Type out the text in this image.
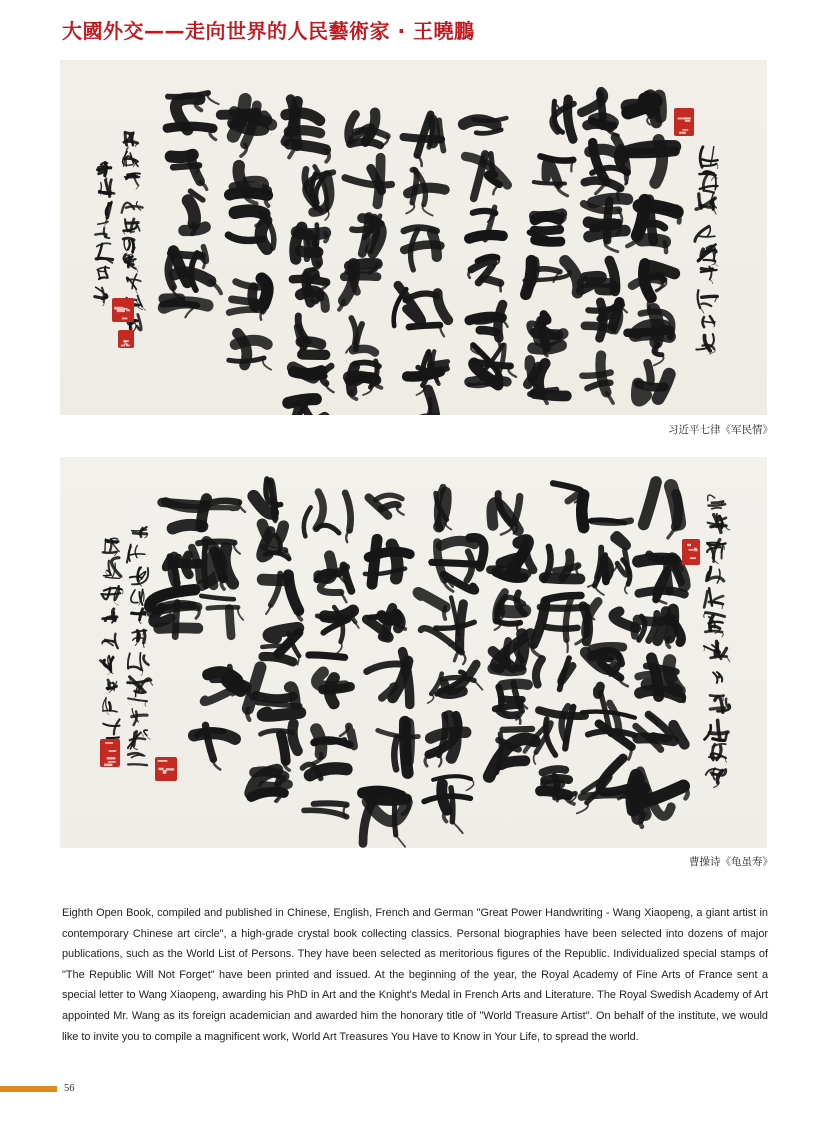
大國外交——走向世界的人民藝術家 · 王曉鵬
习近平七律《军民情》
曹操诗《龟虽寿》

Eighth Open Book, compiled and published in Chinese, English, French and German "Great Power Handwriting - Wang Xiaopeng, a giant artist in contemporary Chinese art circle", a high-grade crystal book collecting classics. Personal biographies have been selected into dozens of major publications, such as the World List of Persons. They have been selected as meritorious figures of the Republic. Individualized special stamps of "The Republic Will Not Forget" have been printed and issued. At the beginning of the year, the Royal Academy of Fine Arts of France sent a special letter to Wang Xiaopeng, awarding his PhD in Art and the Knight's Medal in French Arts and Literature. The Royal Swedish Academy of Art appointed Mr. Wang as its foreign academician and awarded him the honorary title of "World Treasure Artist". On behalf of the institute, we would like to invite you to compile a magnificent work, World Art Treasures You Have to Know in Your Life, to spread the world.

56
